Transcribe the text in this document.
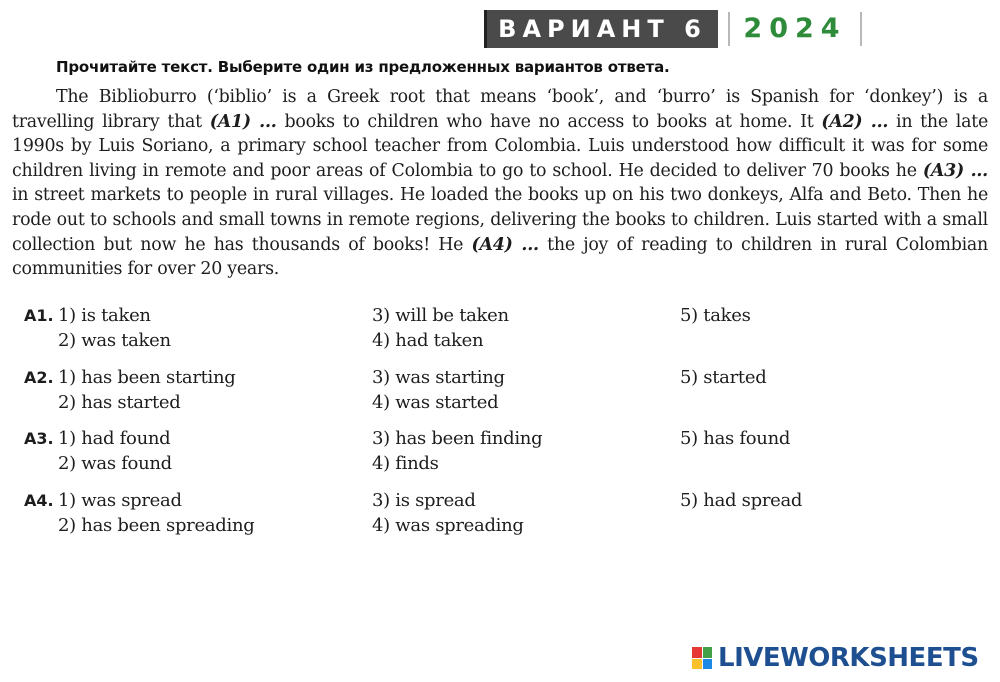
ВАРИАНТ 6	2024
Прочитайте текст. Выберите один из предложенных вариантов ответа.

The Biblioburro (‘biblio’ is a Greek root that means ‘book’, and ‘burro’ is Spanish for ‘donkey’) is a travelling library that (A1) ... books to children who have no access to books at home. It (A2) ... in the late 1990s by Luis Soriano, a primary school teacher from Colombia. Luis understood how difficult it was for some children living in remote and poor areas of Colombia to go to school. He decided to deliver 70 books he (A3) ... in street markets to people in rural villages. He loaded the books up on his two donkeys, Alfa and Beto. Then he rode out to schools and small towns in remote regions, delivering the books to children. Luis started with a small collection but now he has thousands of books! He (A4) ... the joy of reading to children in rural Colombian communities for over 20 years.

A1. 1) is taken
2) was taken
3) will be taken
4) had taken
5) takes
A2. 1) has been starting
2) has started
3) was starting
4) was started
5) started
A3. 1) had found
2) was found
3) has been finding
4) finds
5) has found
A4. 1) was spread
2) has been spreading
3) is spread
4) was spreading
5) had spread
LIVEWORKSHEETS
